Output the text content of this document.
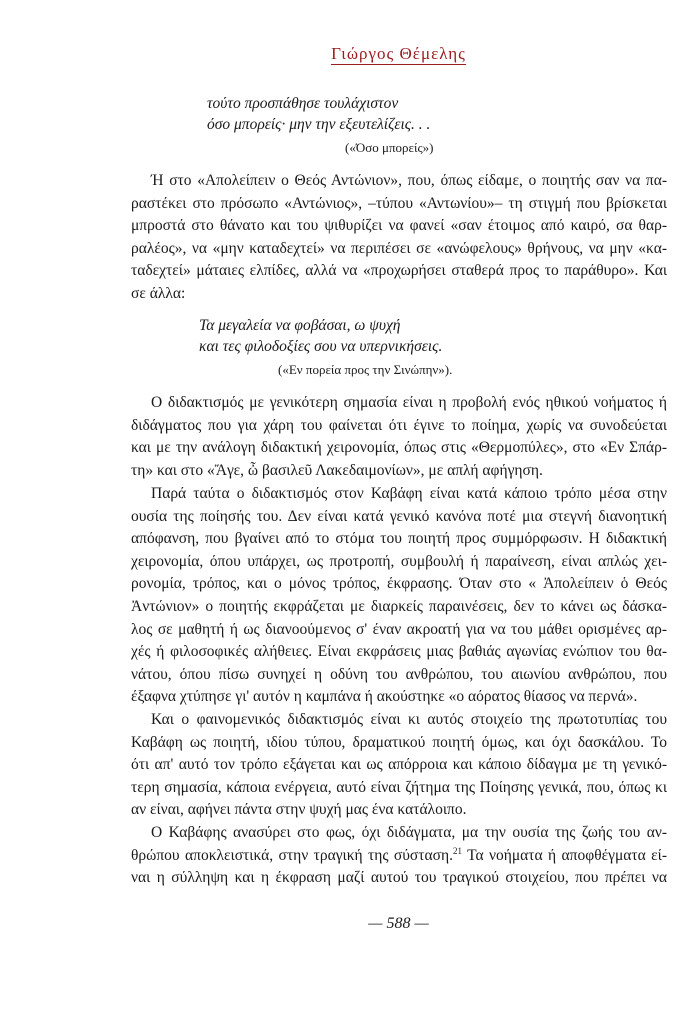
Γιώργος Θέμελης
τούτο προσπάθησε τουλάχιστον
όσο μπορείς· μην την εξευτελίζεις. . .
(«Όσο μπορείς»)
Ή στο «Απολείπειν ο Θεός Αντώνιον», που, όπως είδαμε, ο ποιητής σαν να πα-
ραστέκει στο πρόσωπο «Αντώνιος», –τύπου «Αντωνίου»– τη στιγμή που βρίσκεται
μπροστά στο θάνατο και του ψιθυρίζει να φανεί «σαν έτοιμος από καιρό, σα θαρ-
ραλέος», να «μην καταδεχτεί» να περιπέσει σε «ανώφελους» θρήνους, να μην «κα-
ταδεχτεί» μάταιες ελπίδες, αλλά να «προχωρήσει σταθερά προς το παράθυρο». Και
σε άλλα:
Τα μεγαλεία να φοβάσαι, ω ψυχή
και τες φιλοδοξίες σου να υπερνικήσεις.
(«Εν πορεία προς την Σινώπην»).
Ο διδακτισμός με γενικότερη σημασία είναι η προβολή ενός ηθικού νοήματος ή
διδάγματος που για χάρη του φαίνεται ότι έγινε το ποίημα, χωρίς να συνοδεύεται
και με την ανάλογη διδακτική χειρονομία, όπως στις «Θερμοπύλες», στο «Εν Σπάρ-
τη» και στο «Ἄγε, ὦ βασιλεῦ Λακεδαιμονίων», με απλή αφήγηση.
Παρά ταύτα ο διδακτισμός στον Καβάφη είναι κατά κάποιο τρόπο μέσα στην
ουσία της ποίησής του. Δεν είναι κατά γενικό κανόνα ποτέ μια στεγνή διανοητική
απόφανση, που βγαίνει από το στόμα του ποιητή προς συμμόρφωσιν. Η διδακτική
χειρονομία, όπου υπάρχει, ως προτροπή, συμβουλή ή παραίνεση, είναι απλώς χει-
ρονομία, τρόπος, και ο μόνος τρόπος, έκφρασης. Όταν στο « Ἀπολείπειν ὁ Θεός
Ἀντώνιον» ο ποιητής εκφράζεται με διαρκείς παραινέσεις, δεν το κάνει ως δάσκα-
λος σε μαθητή ή ως διανοούμενος σ' έναν ακροατή για να του μάθει ορισμένες αρ-
χές ή φιλοσοφικές αλήθειες. Είναι εκφράσεις μιας βαθιάς αγωνίας ενώπιον του θα-
νάτου, όπου πίσω συνηχεί η οδύνη του ανθρώπου, του αιωνίου ανθρώπου, που
έξαφνα χτύπησε γι' αυτόν η καμπάνα ή ακούστηκε «ο αόρατος θίασος να περνά».
Και ο φαινομενικός διδακτισμός είναι κι αυτός στοιχείο της πρωτοτυπίας του
Καβάφη ως ποιητή, ιδίου τύπου, δραματικού ποιητή όμως, και όχι δασκάλου. Το
ότι απ' αυτό τον τρόπο εξάγεται και ως απόρροια και κάποιο δίδαγμα με τη γενικό-
τερη σημασία, κάποια ενέργεια, αυτό είναι ζήτημα της Ποίησης γενικά, που, όπως κι
αν είναι, αφήνει πάντα στην ψυχή μας ένα κατάλοιπο.
Ο Καβάφης ανασύρει στο φως, όχι διδάγματα, μα την ουσία της ζωής του αν-
θρώπου αποκλειστικά, στην τραγική της σύσταση.$^{21}$ Τα νοήματα ή αποφθέγματα εί-
ναι η σύλληψη και η έκφραση μαζί αυτού του τραγικού στοιχείου, που πρέπει να
— 588 —
